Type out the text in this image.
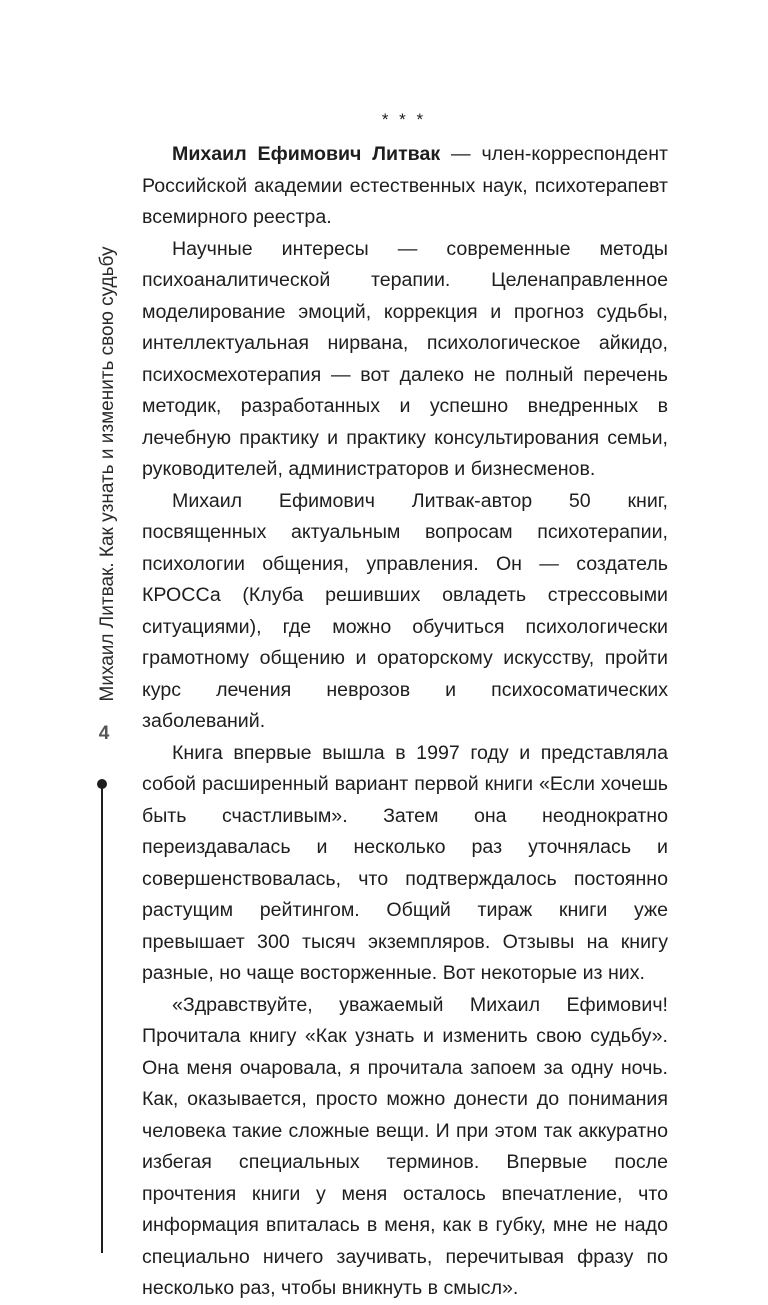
* * *

Михаил Ефимович Литвак — член-корреспондент Российской академии естественных наук, психотерапевт всемирного реестра.

Научные интересы — современные методы психоаналитической терапии. Целенаправленное моделирование эмоций, коррекция и прогноз судьбы, интеллектуальная нирвана, психологическое айкидо, психосмехотерапия — вот далеко не полный перечень методик, разработанных и успешно внедренных в лечебную практику и практику консультирования семьи, руководителей, администраторов и бизнесменов.

Михаил Ефимович Литвак-автор 50 книг, посвященных актуальным вопросам психотерапии, психологии общения, управления. Он — создатель КРОССа (Клуба решивших овладеть стрессовыми ситуациями), где можно обучиться психологически грамотному общению и ораторскому искусству, пройти курс лечения неврозов и психосоматических заболеваний.

Книга впервые вышла в 1997 году и представляла собой расширенный вариант первой книги «Если хочешь быть счастливым». Затем она неоднократно переиздавалась и несколько раз уточнялась и совершенствовалась, что подтверждалось постоянно растущим рейтингом. Общий тираж книги уже превышает 300 тысяч экземпляров. Отзывы на книгу разные, но чаще восторженные. Вот некоторые из них.

«Здравствуйте, уважаемый Михаил Ефимович! Прочитала книгу «Как узнать и изменить свою судьбу». Она меня очаровала, я прочитала запоем за одну ночь. Как, оказывается, просто можно донести до понимания человека такие сложные вещи. И при этом так аккуратно избегая специальных терминов. Впервые после прочтения книги у меня осталось впечатление, что информация впиталась в меня, как в губку, мне не надо специально ничего заучивать, перечитывая фразу по несколько раз, чтобы вникнуть в смысл».

Михаил Литвак. Как узнать и изменить свою судьбу
4
